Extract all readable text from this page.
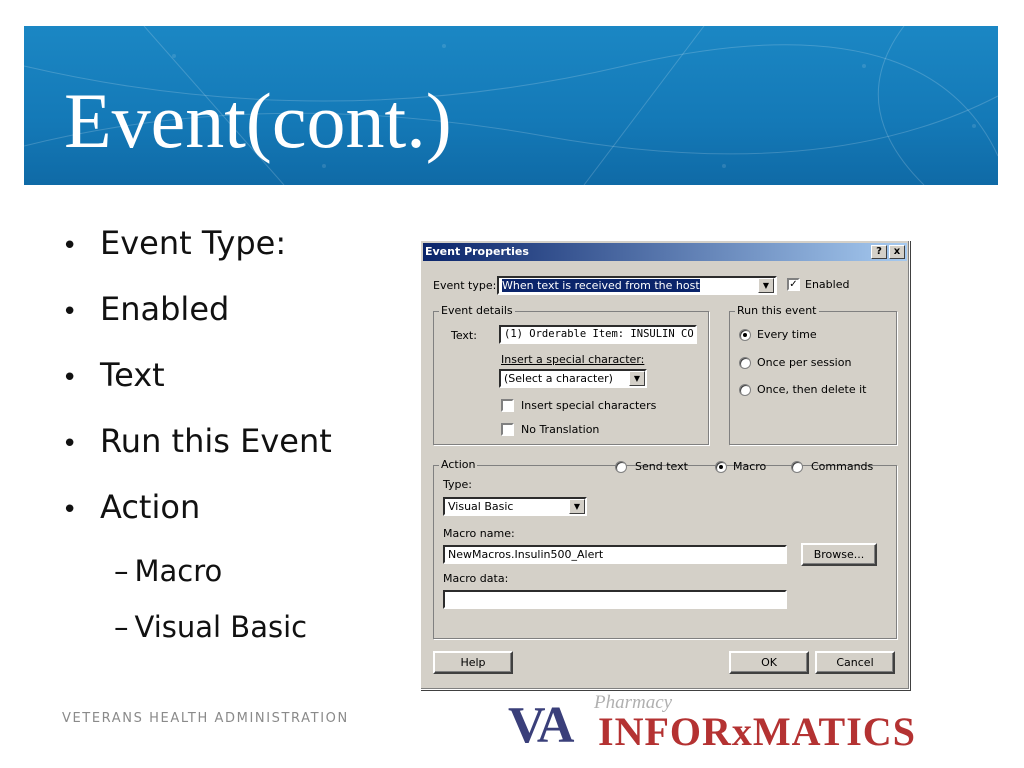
Event(cont.)
• Event Type:
• Enabled
• Text
• Run this Event
• Action
– Macro
– Visual Basic
VETERANS HEALTH ADMINISTRATION	VA Pharmacy
INFORxMATICS
Event Properties	?	x
Event type: When text is received from the host	▼	✓ Enabled
Event details
Text:	(1) Orderable Item: INSULIN CO
Insert a special character:
(Select a character)	▼
Insert special characters
No Translation
Run this event
Every time
Once per session
Once, then delete it
Action	Send text	Macro	Commands
Type:
Visual Basic	▼
Macro name:
NewMacros.Insulin500_Alert	Browse...
Macro data:
Help	OK	Cancel
